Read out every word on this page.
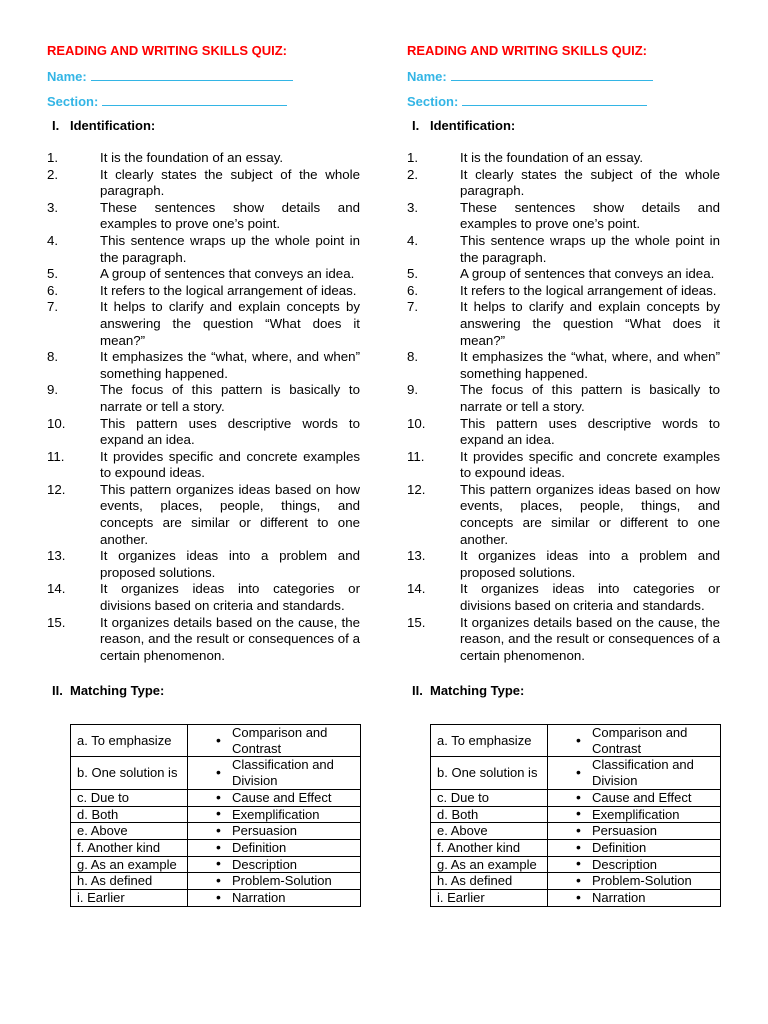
READING AND WRITING SKILLS QUIZ:
Name:
Section:
I. Identification:
1.	It is the foundation of an essay.
2.	It clearly states the subject of the whole paragraph.
3.	These sentences show details and examples to prove one’s point.
4.	This sentence wraps up the whole point in the paragraph.
5.	A group of sentences that conveys an idea.
6.	It refers to the logical arrangement of ideas.
7.	It helps to clarify and explain concepts by answering the question “What does it mean?”
8.	It emphasizes the “what, where, and when” something happened.
9.	The focus of this pattern is basically to narrate or tell a story.
10.	This pattern uses descriptive words to expand an idea.
11.	It provides specific and concrete examples to expound ideas.
12.	This pattern organizes ideas based on how events, places, people, things, and concepts are similar or different to one another.
13.	It organizes ideas into a problem and proposed solutions.
14.	It organizes ideas into categories or divisions based on criteria and standards.
15.	It organizes details based on the cause, the reason, and the result or consequences of a certain phenomenon.
II. Matching Type:
a. To emphasize	• Comparison and Contrast

b. One solution is	• Classification and Division

c. Due to	• Cause and Effect

d. Both	• Exemplification

e. Above	• Persuasion

f. Another kind	• Definition

g. As an example	• Description

h. As defined	• Problem-Solution

i. Earlier	• Narration
READING AND WRITING SKILLS QUIZ:
Name:
Section:
I. Identification:
1.	It is the foundation of an essay.
2.	It clearly states the subject of the whole paragraph.
3.	These sentences show details and examples to prove one’s point.
4.	This sentence wraps up the whole point in the paragraph.
5.	A group of sentences that conveys an idea.
6.	It refers to the logical arrangement of ideas.
7.	It helps to clarify and explain concepts by answering the question “What does it mean?”
8.	It emphasizes the “what, where, and when” something happened.
9.	The focus of this pattern is basically to narrate or tell a story.
10.	This pattern uses descriptive words to expand an idea.
11.	It provides specific and concrete examples to expound ideas.
12.	This pattern organizes ideas based on how events, places, people, things, and concepts are similar or different to one another.
13.	It organizes ideas into a problem and proposed solutions.
14.	It organizes ideas into categories or divisions based on criteria and standards.
15.	It organizes details based on the cause, the reason, and the result or consequences of a certain phenomenon.
II. Matching Type:
a. To emphasize	• Comparison and Contrast

b. One solution is	• Classification and Division

c. Due to	• Cause and Effect

d. Both	• Exemplification

e. Above	• Persuasion

f. Another kind	• Definition

g. As an example	• Description

h. As defined	• Problem-Solution

i. Earlier	• Narration
